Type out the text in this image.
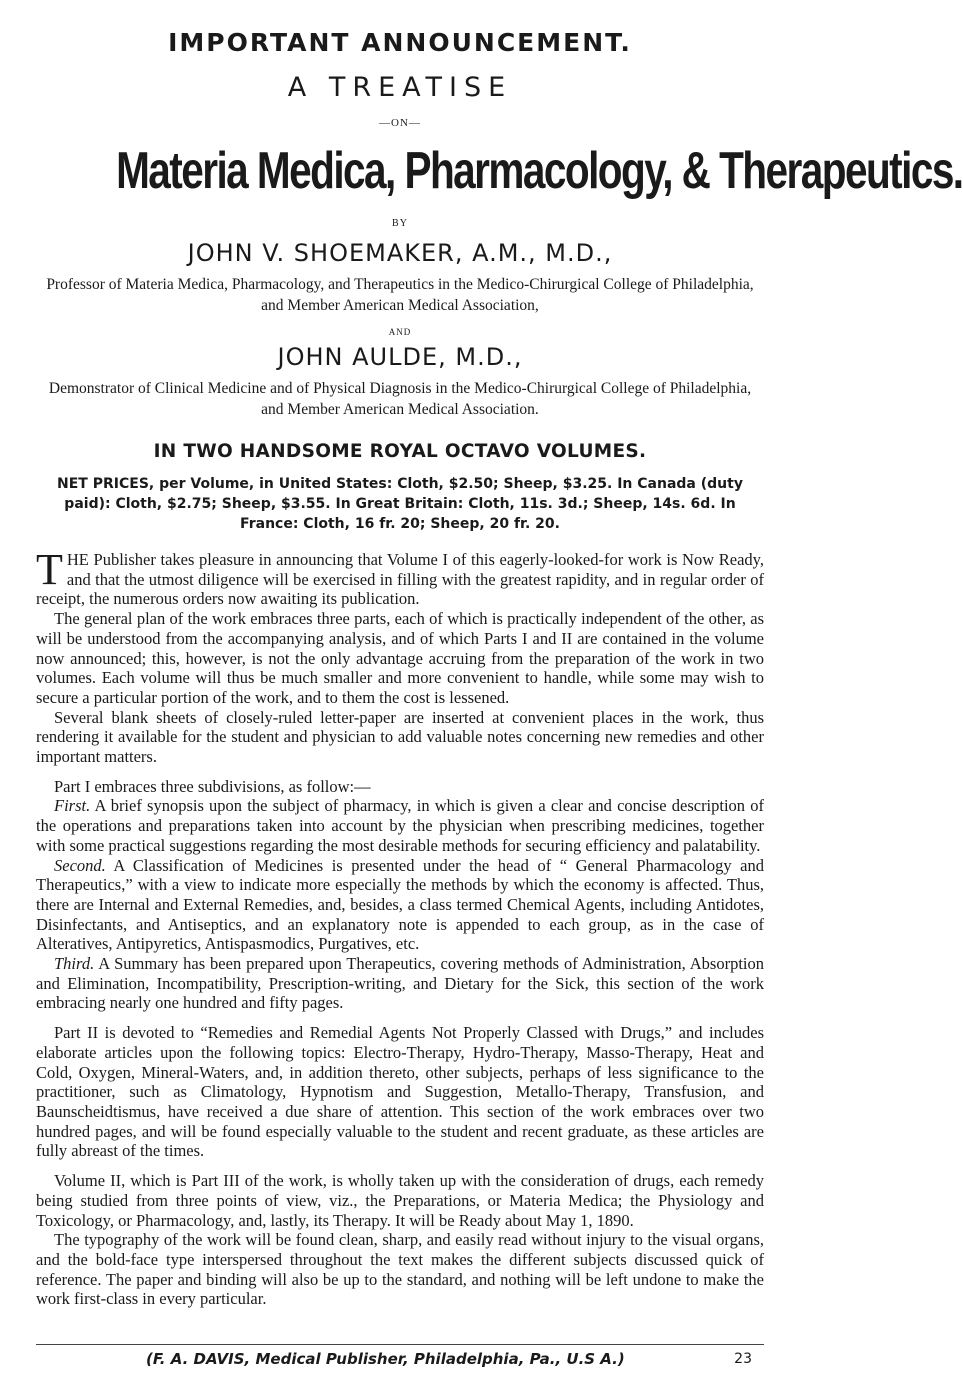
IMPORTANT ANNOUNCEMENT.
A TREATISE
—ON—
Materia Medica, Pharmacology, & Therapeutics.
BY
JOHN V. SHOEMAKER, A.M., M.D.,
Professor of Materia Medica, Pharmacology, and Therapeutics in the Medico-Chirurgical College of Philadelphia, and Member American Medical Association,
AND
JOHN AULDE, M.D.,
Demonstrator of Clinical Medicine and of Physical Diagnosis in the Medico-Chirurgical College of Philadelphia, and Member American Medical Association.
IN TWO HANDSOME ROYAL OCTAVO VOLUMES.
NET PRICES, per Volume, in United States: Cloth, $2.50; Sheep, $3.25. In Canada (duty paid): Cloth, $2.75; Sheep, $3.55. In Great Britain: Cloth, 11s. 3d.; Sheep, 14s. 6d. In France: Cloth, 16 fr. 20; Sheep, 20 fr. 20.

THE Publisher takes pleasure in announcing that Volume I of this eagerly-looked-for work is Now Ready, and that the utmost diligence will be exercised in filling with the greatest rapidity, and in regular order of receipt, the numerous orders now awaiting its publication.

The general plan of the work embraces three parts, each of which is practically independent of the other, as will be understood from the accompanying analysis, and of which Parts I and II are contained in the volume now announced; this, however, is not the only advantage accruing from the preparation of the work in two volumes. Each volume will thus be much smaller and more convenient to handle, while some may wish to secure a particular portion of the work, and to them the cost is lessened.

Several blank sheets of closely-ruled letter-paper are inserted at convenient places in the work, thus rendering it available for the student and physician to add valuable notes concerning new remedies and other important matters.

Part I embraces three subdivisions, as follow:—

First. A brief synopsis upon the subject of pharmacy, in which is given a clear and concise description of the operations and preparations taken into account by the physician when prescribing medicines, together with some practical suggestions regarding the most desirable methods for securing efficiency and palatability.

Second. A Classification of Medicines is presented under the head of “ General Pharmacology and Therapeutics,” with a view to indicate more especially the methods by which the economy is affected. Thus, there are Internal and External Remedies, and, besides, a class termed Chemical Agents, including Antidotes, Disinfectants, and Antiseptics, and an explanatory note is appended to each group, as in the case of Alteratives, Antipyretics, Antispasmodics, Purgatives, etc.

Third. A Summary has been prepared upon Therapeutics, covering methods of Administration, Absorption and Elimination, Incompatibility, Prescription-writing, and Dietary for the Sick, this section of the work embracing nearly one hundred and fifty pages.

Part II is devoted to “Remedies and Remedial Agents Not Properly Classed with Drugs,” and includes elaborate articles upon the following topics: Electro-Therapy, Hydro-Therapy, Masso-Therapy, Heat and Cold, Oxygen, Mineral-Waters, and, in addition thereto, other subjects, perhaps of less significance to the practitioner, such as Climatology, Hypnotism and Suggestion, Metallo-Therapy, Transfusion, and Baunscheidtismus, have received a due share of attention. This section of the work embraces over two hundred pages, and will be found especially valuable to the student and recent graduate, as these articles are fully abreast of the times.

Volume II, which is Part III of the work, is wholly taken up with the consideration of drugs, each remedy being studied from three points of view, viz., the Preparations, or Materia Medica; the Physiology and Toxicology, or Pharmacology, and, lastly, its Therapy. It will be Ready about May 1, 1890.

The typography of the work will be found clean, sharp, and easily read without injury to the visual organs, and the bold-face type interspersed throughout the text makes the different subjects discussed quick of reference. The paper and binding will also be up to the standard, and nothing will be left undone to make the work first-class in every particular.

(F. A. DAVIS, Medical Publisher, Philadelphia, Pa., U.S A.)	23
